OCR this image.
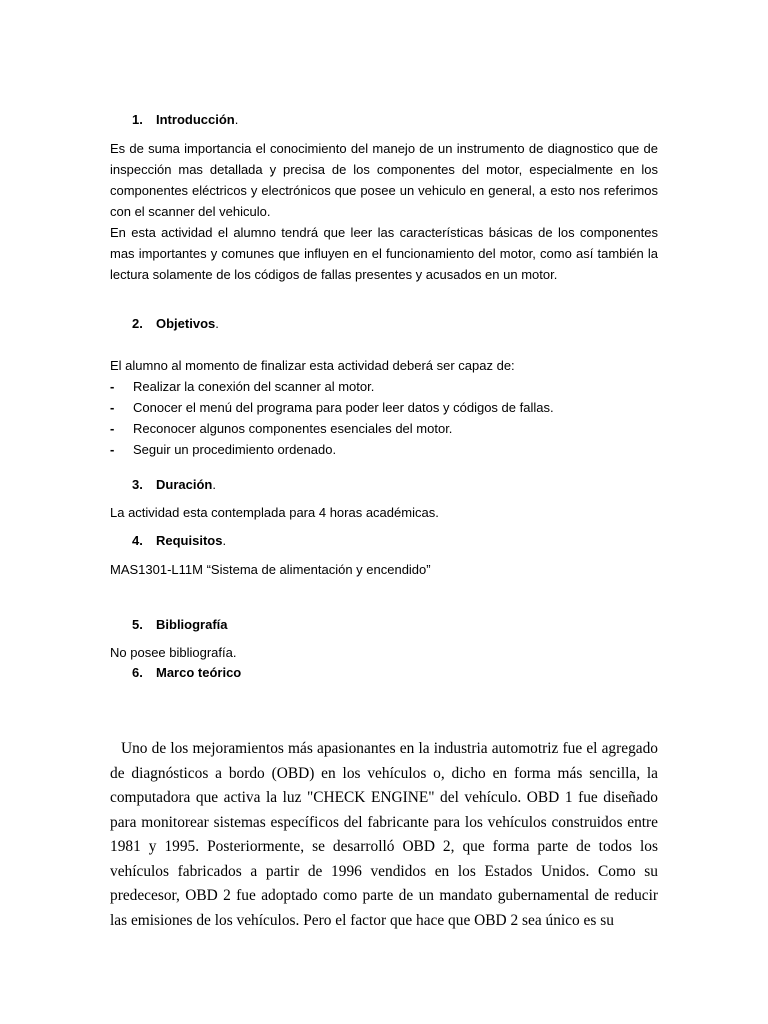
1. Introducción.
Es de suma importancia el conocimiento del manejo de un instrumento de diagnostico que de inspección mas detallada y precisa de los componentes del motor, especialmente en los componentes eléctricos y electrónicos que posee un vehiculo en general, a esto nos referimos con el scanner del vehiculo.
En esta actividad el alumno tendrá que leer las características básicas de los componentes mas importantes y comunes que influyen en el funcionamiento del motor, como así también la lectura solamente de los códigos de fallas presentes y acusados en un motor.
2. Objetivos.
El alumno al momento de finalizar esta actividad deberá ser capaz de:
- Realizar la conexión del scanner al motor.
- Conocer el menú del programa para poder leer datos y códigos de fallas.
- Reconocer algunos componentes esenciales del motor.
- Seguir un procedimiento ordenado.
3. Duración.
La actividad esta contemplada para 4 horas académicas.
4. Requisitos.
MAS1301-L11M “Sistema de alimentación y encendido”
5. Bibliografía
No posee bibliografía.
6. Marco teórico
Uno de los mejoramientos más apasionantes en la industria automotriz fue el agregado de diagnósticos a bordo (OBD) en los vehículos o, dicho en forma más sencilla, la computadora que activa la luz "CHECK ENGINE" del vehículo. OBD 1 fue diseñado para monitorear sistemas específicos del fabricante para los vehículos construidos entre 1981 y 1995. Posteriormente, se desarrolló OBD 2, que forma parte de todos los vehículos fabricados a partir de 1996 vendidos en los Estados Unidos. Como su predecesor, OBD 2 fue adoptado como parte de un mandato gubernamental de reducir las emisiones de los vehículos. Pero el factor que hace que OBD 2 sea único es su
